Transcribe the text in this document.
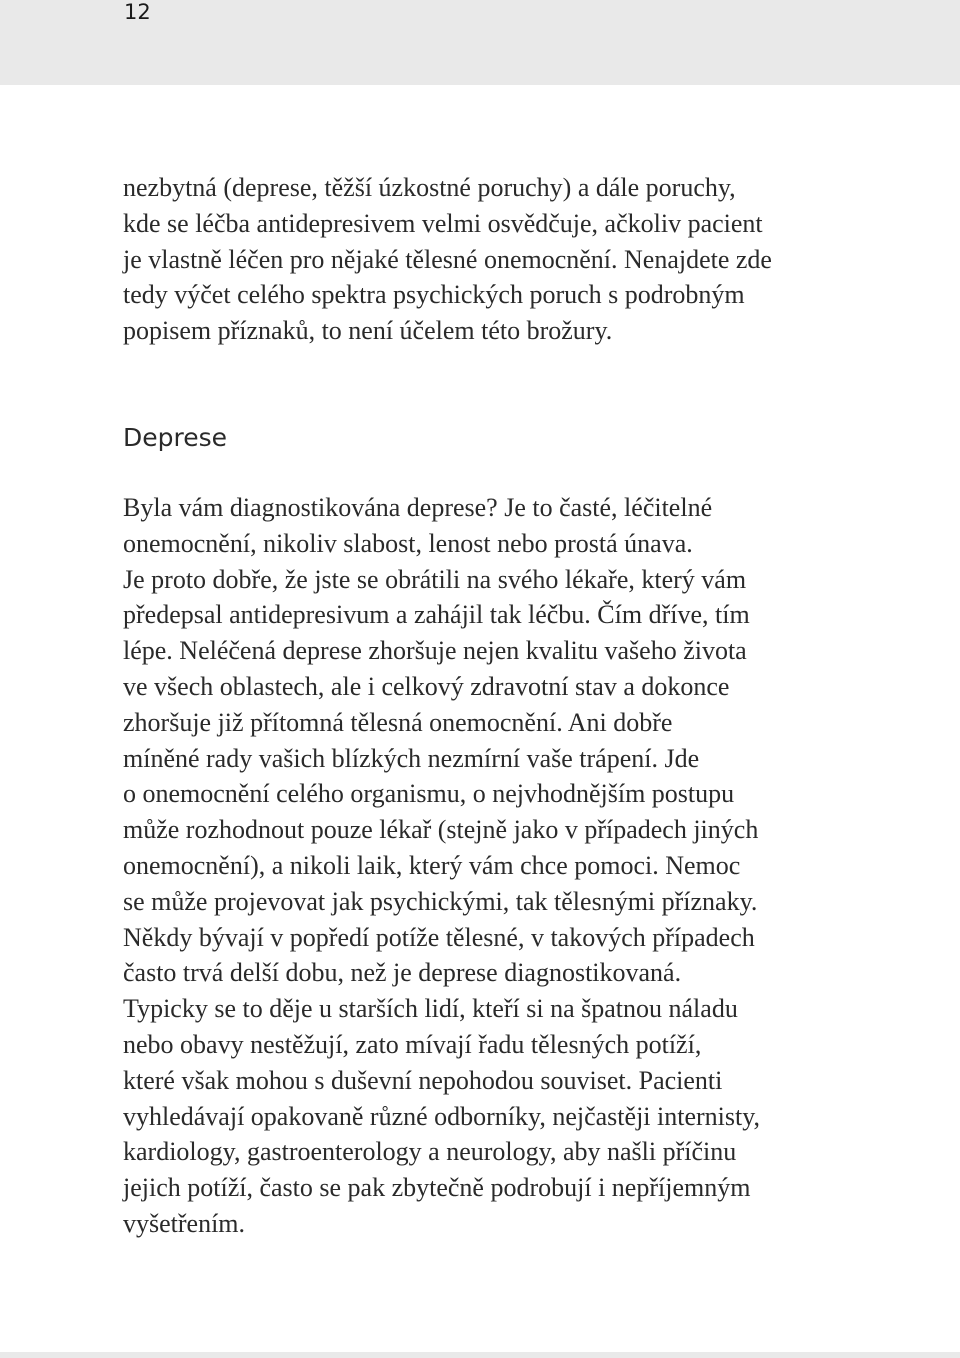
12

nezbytná (deprese, těžší úzkostné poruchy) a dále poruchy,
kde se léčba antidepresivem velmi osvědčuje, ačkoliv pacient
je vlastně léčen pro nějaké tělesné onemocnění. Nenajdete zde
tedy výčet celého spektra psychických poruch s podrobným
popisem příznaků, to není účelem této brožury.

Deprese

Byla vám diagnostikována deprese? Je to časté, léčitelné
onemocnění, nikoliv slabost, lenost nebo prostá únava.
Je proto dobře, že jste se obrátili na svého lékaře, který vám
předepsal antidepresivum a zahájil tak léčbu. Čím dříve, tím
lépe. Neléčená deprese zhoršuje nejen kvalitu vašeho života
ve všech oblastech, ale i celkový zdravotní stav a dokonce
zhoršuje již přítomná tělesná onemocnění. Ani dobře
míněné rady vašich blízkých nezmírní vaše trápení. Jde
o onemocnění celého organismu, o nejvhodnějším postupu
může rozhodnout pouze lékař (stejně jako v případech jiných
onemocnění), a nikoli laik, který vám chce pomoci. Nemoc
se může projevovat jak psychickými, tak tělesnými příznaky.
Někdy bývají v popředí potíže tělesné, v takových případech
často trvá delší dobu, než je deprese diagnostikovaná.
Typicky se to děje u starších lidí, kteří si na špatnou náladu
nebo obavy nestěžují, zato mívají řadu tělesných potíží,
které však mohou s duševní nepohodou souviset. Pacienti
vyhledávají opakovaně různé odborníky, nejčastěji internisty,
kardiology, gastroenterology a neurology, aby našli příčinu
jejich potíží, často se pak zbytečně podrobují i nepříjemným
vyšetřením.
